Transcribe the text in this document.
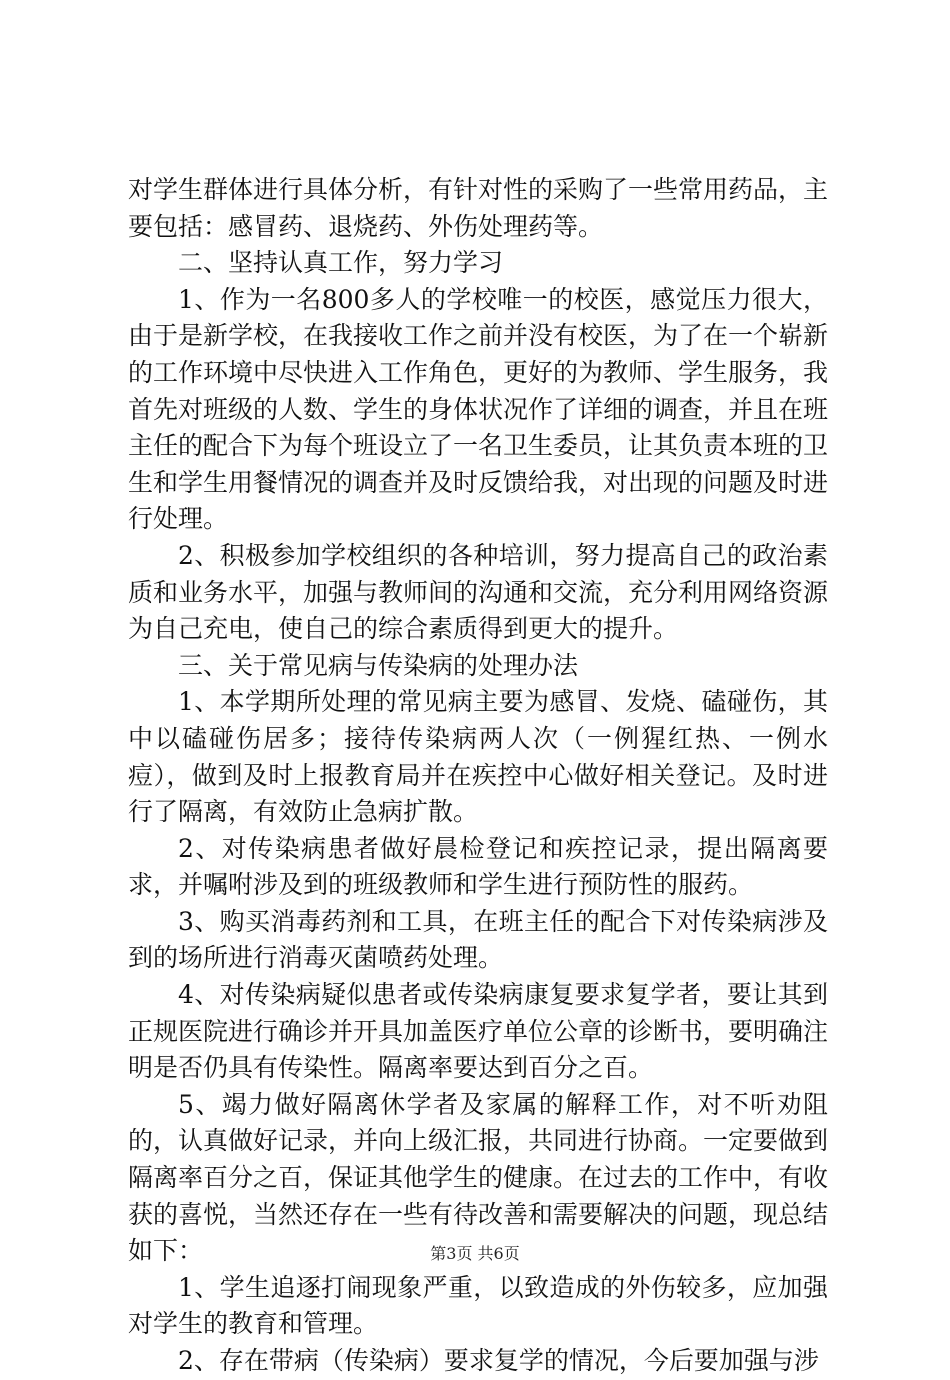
对学生群体进行具体分析，有针对性的采购了一些常用药品，主要包括：感冒药、退烧药、外伤处理药等。

二、坚持认真工作，努力学习

1、作为一名800多人的学校唯一的校医，感觉压力很大，由于是新学校，在我接收工作之前并没有校医，为了在一个崭新的工作环境中尽快进入工作角色，更好的为教师、学生服务，我首先对班级的人数、学生的身体状况作了详细的调查，并且在班主任的配合下为每个班设立了一名卫生委员，让其负责本班的卫生和学生用餐情况的调查并及时反馈给我，对出现的问题及时进行处理。

2、积极参加学校组织的各种培训，努力提高自己的政治素质和业务水平，加强与教师间的沟通和交流，充分利用网络资源为自己充电，使自己的综合素质得到更大的提升。

三、关于常见病与传染病的处理办法

1、本学期所处理的常见病主要为感冒、发烧、磕碰伤，其中以磕碰伤居多；接待传染病两人次（一例猩红热、一例水痘），做到及时上报教育局并在疾控中心做好相关登记。及时进行了隔离，有效防止急病扩散。

2、对传染病患者做好晨检登记和疾控记录，提出隔离要求，并嘱咐涉及到的班级教师和学生进行预防性的服药。

3、购买消毒药剂和工具，在班主任的配合下对传染病涉及到的场所进行消毒灭菌喷药处理。

4、对传染病疑似患者或传染病康复要求复学者，要让其到正规医院进行确诊并开具加盖医疗单位公章的诊断书，要明确注明是否仍具有传染性。隔离率要达到百分之百。

5、竭力做好隔离休学者及家属的解释工作，对不听劝阻的，认真做好记录，并向上级汇报，共同进行协商。一定要做到隔离率百分之百，保证其他学生的健康。在过去的工作中，有收获的喜悦，当然还存在一些有待改善和需要解决的问题，现总结如下：

1、学生追逐打闹现象严重，以致造成的外伤较多，应加强对学生的教育和管理。

2、存在带病（传染病）要求复学的情况，今后要加强与涉

第3页 共6页
